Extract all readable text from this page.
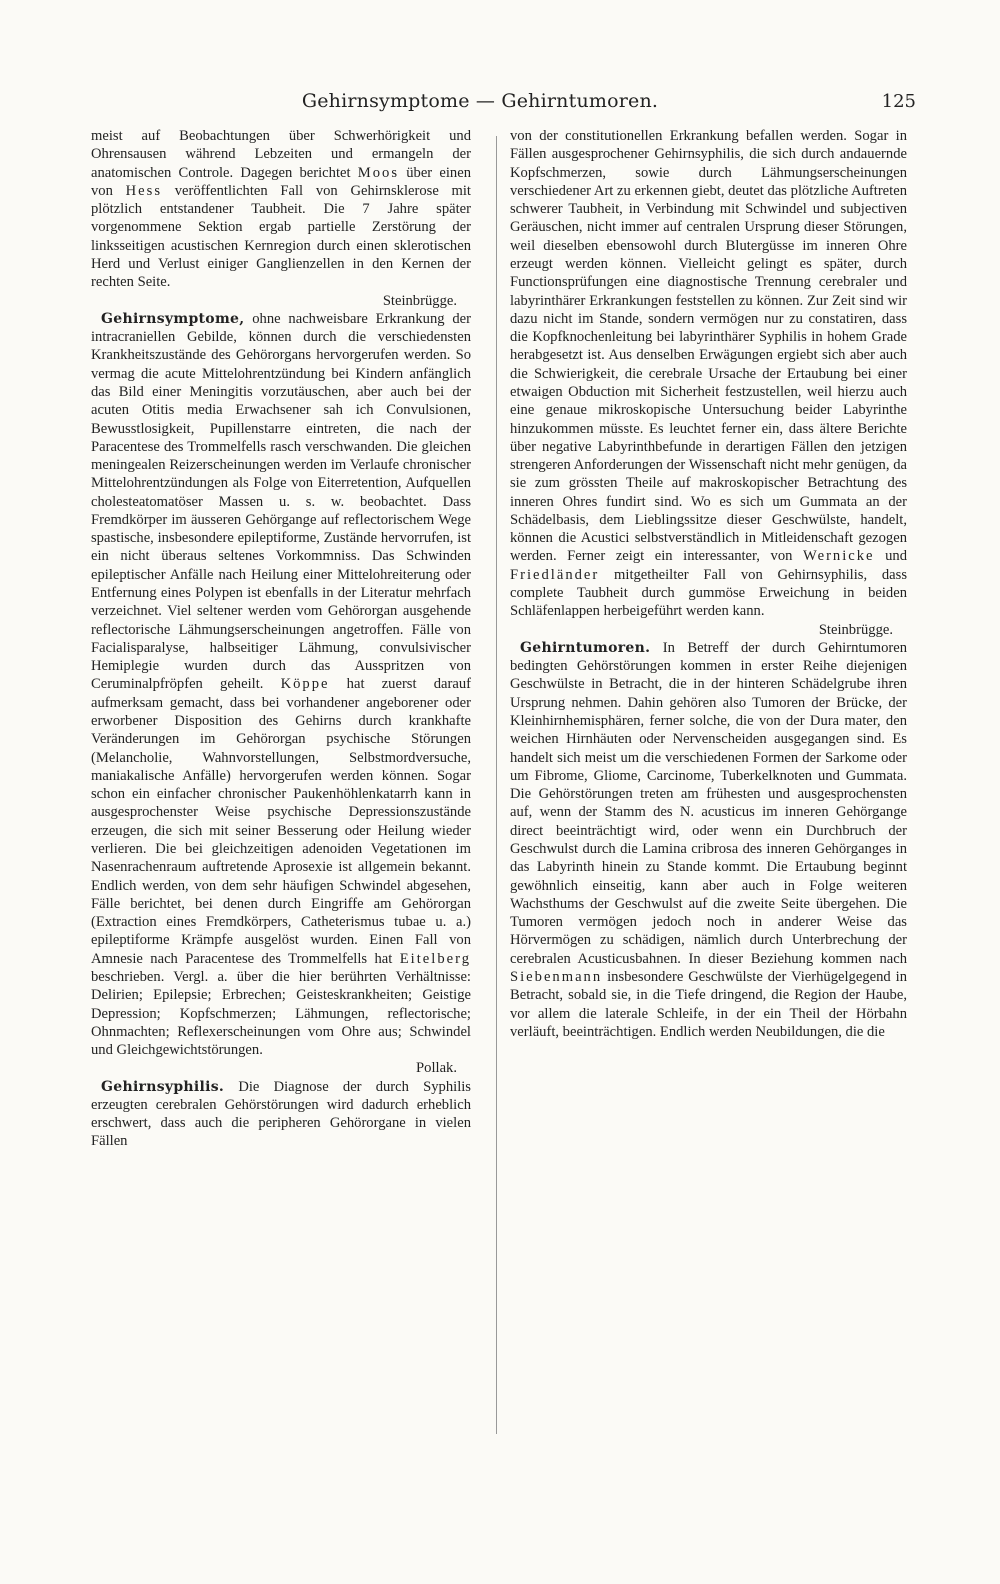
Gehirnsymptome — Gehirntumoren.	125

meist auf Beobachtungen über Schwerhörigkeit und Ohrensausen während Lebzeiten und ermangeln der anatomischen Controle. Dagegen berichtet Moos über einen von Hess veröffentlichten Fall von Gehirnsklerose mit plötzlich entstandener Taubheit. Die 7 Jahre später vorgenommene Sektion ergab partielle Zerstörung der linksseitigen acustischen Kernregion durch einen sklerotischen Herd und Verlust einiger Ganglienzellen in den Kernen der rechten Seite.
Steinbrügge.

Gehirnsymptome, ohne nachweisbare Erkrankung der intracraniellen Gebilde, können durch die verschiedensten Krankheitszustände des Gehörorgans hervorgerufen werden. So vermag die acute Mittelohrentzündung bei Kindern anfänglich das Bild einer Meningitis vorzutäuschen, aber auch bei der acuten Otitis media Erwachsener sah ich Convulsionen, Bewusstlosigkeit, Pupillenstarre eintreten, die nach der Paracentese des Trommelfells rasch verschwanden. Die gleichen meningealen Reizerscheinungen werden im Verlaufe chronischer Mittelohrentzündungen als Folge von Eiterretention, Aufquellen cholesteatomatöser Massen u. s. w. beobachtet. Dass Fremdkörper im äusseren Gehörgange auf reflectorischem Wege spastische, insbesondere epileptiforme, Zustände hervorrufen, ist ein nicht überaus seltenes Vorkommniss. Das Schwinden epileptischer Anfälle nach Heilung einer Mittelohreiterung oder Entfernung eines Polypen ist ebenfalls in der Literatur mehrfach verzeichnet. Viel seltener werden vom Gehörorgan ausgehende reflectorische Lähmungserscheinungen angetroffen. Fälle von Facialisparalyse, halbseitiger Lähmung, convulsivischer Hemiplegie wurden durch das Ausspritzen von Ceruminalpfröpfen geheilt. Köppe hat zuerst darauf aufmerksam gemacht, dass bei vorhandener angeborener oder erworbener Disposition des Gehirns durch krankhafte Veränderungen im Gehörorgan psychische Störungen (Melancholie, Wahnvorstellungen, Selbstmordversuche, maniakalische Anfälle) hervorgerufen werden können. Sogar schon ein einfacher chronischer Paukenhöhlenkatarrh kann in ausgesprochenster Weise psychische Depressionszustände erzeugen, die sich mit seiner Besserung oder Heilung wieder verlieren. Die bei gleichzeitigen adenoiden Vegetationen im Nasenrachenraum auftretende Aprosexie ist allgemein bekannt. Endlich werden, von dem sehr häufigen Schwindel abgesehen, Fälle berichtet, bei denen durch Eingriffe am Gehörorgan (Extraction eines Fremdkörpers, Catheterismus tubae u. a.) epileptiforme Krämpfe ausgelöst wurden. Einen Fall von Amnesie nach Paracentese des Trommelfells hat Eitelberg beschrieben. Vergl. a. über die hier berührten Verhältnisse: Delirien; Epilepsie; Erbrechen; Geisteskrankheiten; Geistige Depression; Kopfschmerzen; Lähmungen, reflectorische; Ohnmachten; Reflexerscheinungen vom Ohre aus; Schwindel und Gleichgewichtstörungen.
Pollak.

Gehirnsyphilis. Die Diagnose der durch Syphilis erzeugten cerebralen Gehörstörungen wird dadurch erheblich erschwert, dass auch die peripheren Gehörorgane in vielen Fällen

von der constitutionellen Erkrankung befallen werden. Sogar in Fällen ausgesprochener Gehirnsyphilis, die sich durch andauernde Kopfschmerzen, sowie durch Lähmungserscheinungen verschiedener Art zu erkennen giebt, deutet das plötzliche Auftreten schwerer Taubheit, in Verbindung mit Schwindel und subjectiven Geräuschen, nicht immer auf centralen Ursprung dieser Störungen, weil dieselben ebensowohl durch Blutergüsse im inneren Ohre erzeugt werden können. Vielleicht gelingt es später, durch Functionsprüfungen eine diagnostische Trennung cerebraler und labyrinthärer Erkrankungen feststellen zu können. Zur Zeit sind wir dazu nicht im Stande, sondern vermögen nur zu constatiren, dass die Kopfknochenleitung bei labyrinthärer Syphilis in hohem Grade herabgesetzt ist. Aus denselben Erwägungen ergiebt sich aber auch die Schwierigkeit, die cerebrale Ursache der Ertaubung bei einer etwaigen Obduction mit Sicherheit festzustellen, weil hierzu auch eine genaue mikroskopische Untersuchung beider Labyrinthe hinzukommen müsste. Es leuchtet ferner ein, dass ältere Berichte über negative Labyrinthbefunde in derartigen Fällen den jetzigen strengeren Anforderungen der Wissenschaft nicht mehr genügen, da sie zum grössten Theile auf makroskopischer Betrachtung des inneren Ohres fundirt sind. Wo es sich um Gummata an der Schädelbasis, dem Lieblingssitze dieser Geschwülste, handelt, können die Acustici selbstverständlich in Mitleidenschaft gezogen werden. Ferner zeigt ein interessanter, von Wernicke und Friedländer mitgetheilter Fall von Gehirnsyphilis, dass complete Taubheit durch gummöse Erweichung in beiden Schläfenlappen herbeigeführt werden kann.
Steinbrügge.

Gehirntumoren. In Betreff der durch Gehirntumoren bedingten Gehörstörungen kommen in erster Reihe diejenigen Geschwülste in Betracht, die in der hinteren Schädelgrube ihren Ursprung nehmen. Dahin gehören also Tumoren der Brücke, der Kleinhirnhemisphären, ferner solche, die von der Dura mater, den weichen Hirnhäuten oder Nervenscheiden ausgegangen sind. Es handelt sich meist um die verschiedenen Formen der Sarkome oder um Fibrome, Gliome, Carcinome, Tuberkelknoten und Gummata. Die Gehörstörungen treten am frühesten und ausgesprochensten auf, wenn der Stamm des N. acusticus im inneren Gehörgange direct beeinträchtigt wird, oder wenn ein Durchbruch der Geschwulst durch die Lamina cribrosa des inneren Gehörganges in das Labyrinth hinein zu Stande kommt. Die Ertaubung beginnt gewöhnlich einseitig, kann aber auch in Folge weiteren Wachsthums der Geschwulst auf die zweite Seite übergehen. Die Tumoren vermögen jedoch noch in anderer Weise das Hörvermögen zu schädigen, nämlich durch Unterbrechung der cerebralen Acusticusbahnen. In dieser Beziehung kommen nach Siebenmann insbesondere Geschwülste der Vierhügelgegend in Betracht, sobald sie, in die Tiefe dringend, die Region der Haube, vor allem die laterale Schleife, in der ein Theil der Hörbahn verläuft, beeinträchtigen. Endlich werden Neubildungen, die die
